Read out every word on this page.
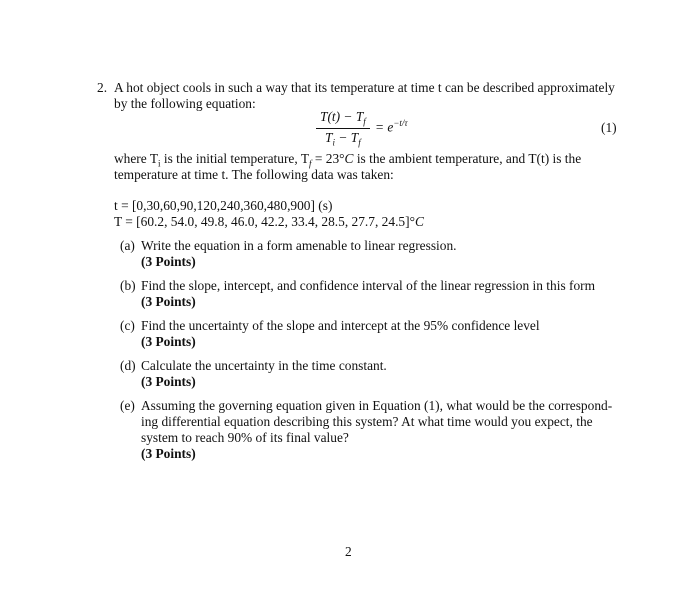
2. A hot object cools in such a way that its temperature at time t can be described approximately
by the following equation:
$T(t) - T_f$
$T_i - T_f$
= $e^{-t/\tau}$	(1)
where $T_i$ is the initial temperature, $T_f = 23^\circ C$ is the ambient temperature, and T(t) is the
temperature at time t. The following data was taken:
t = [0,30,60,90,120,240,360,480,900] (s)
T = [60.2, 54.0, 49.8, 46.0, 42.2, 33.4, 28.5, 27.7, 24.5]°C
(a) Write the equation in a form amenable to linear regression.
(3 Points)
(b) Find the slope, intercept, and confidence interval of the linear regression in this form
(3 Points)
(c) Find the uncertainty of the slope and intercept at the 95% confidence level
(3 Points)
(d) Calculate the uncertainty in the time constant.
(3 Points)
(e) Assuming the governing equation given in Equation (1), what would be the correspond-
ing differential equation describing this system? At what time would you expect, the
system to reach 90% of its final value?
(3 Points)
2
